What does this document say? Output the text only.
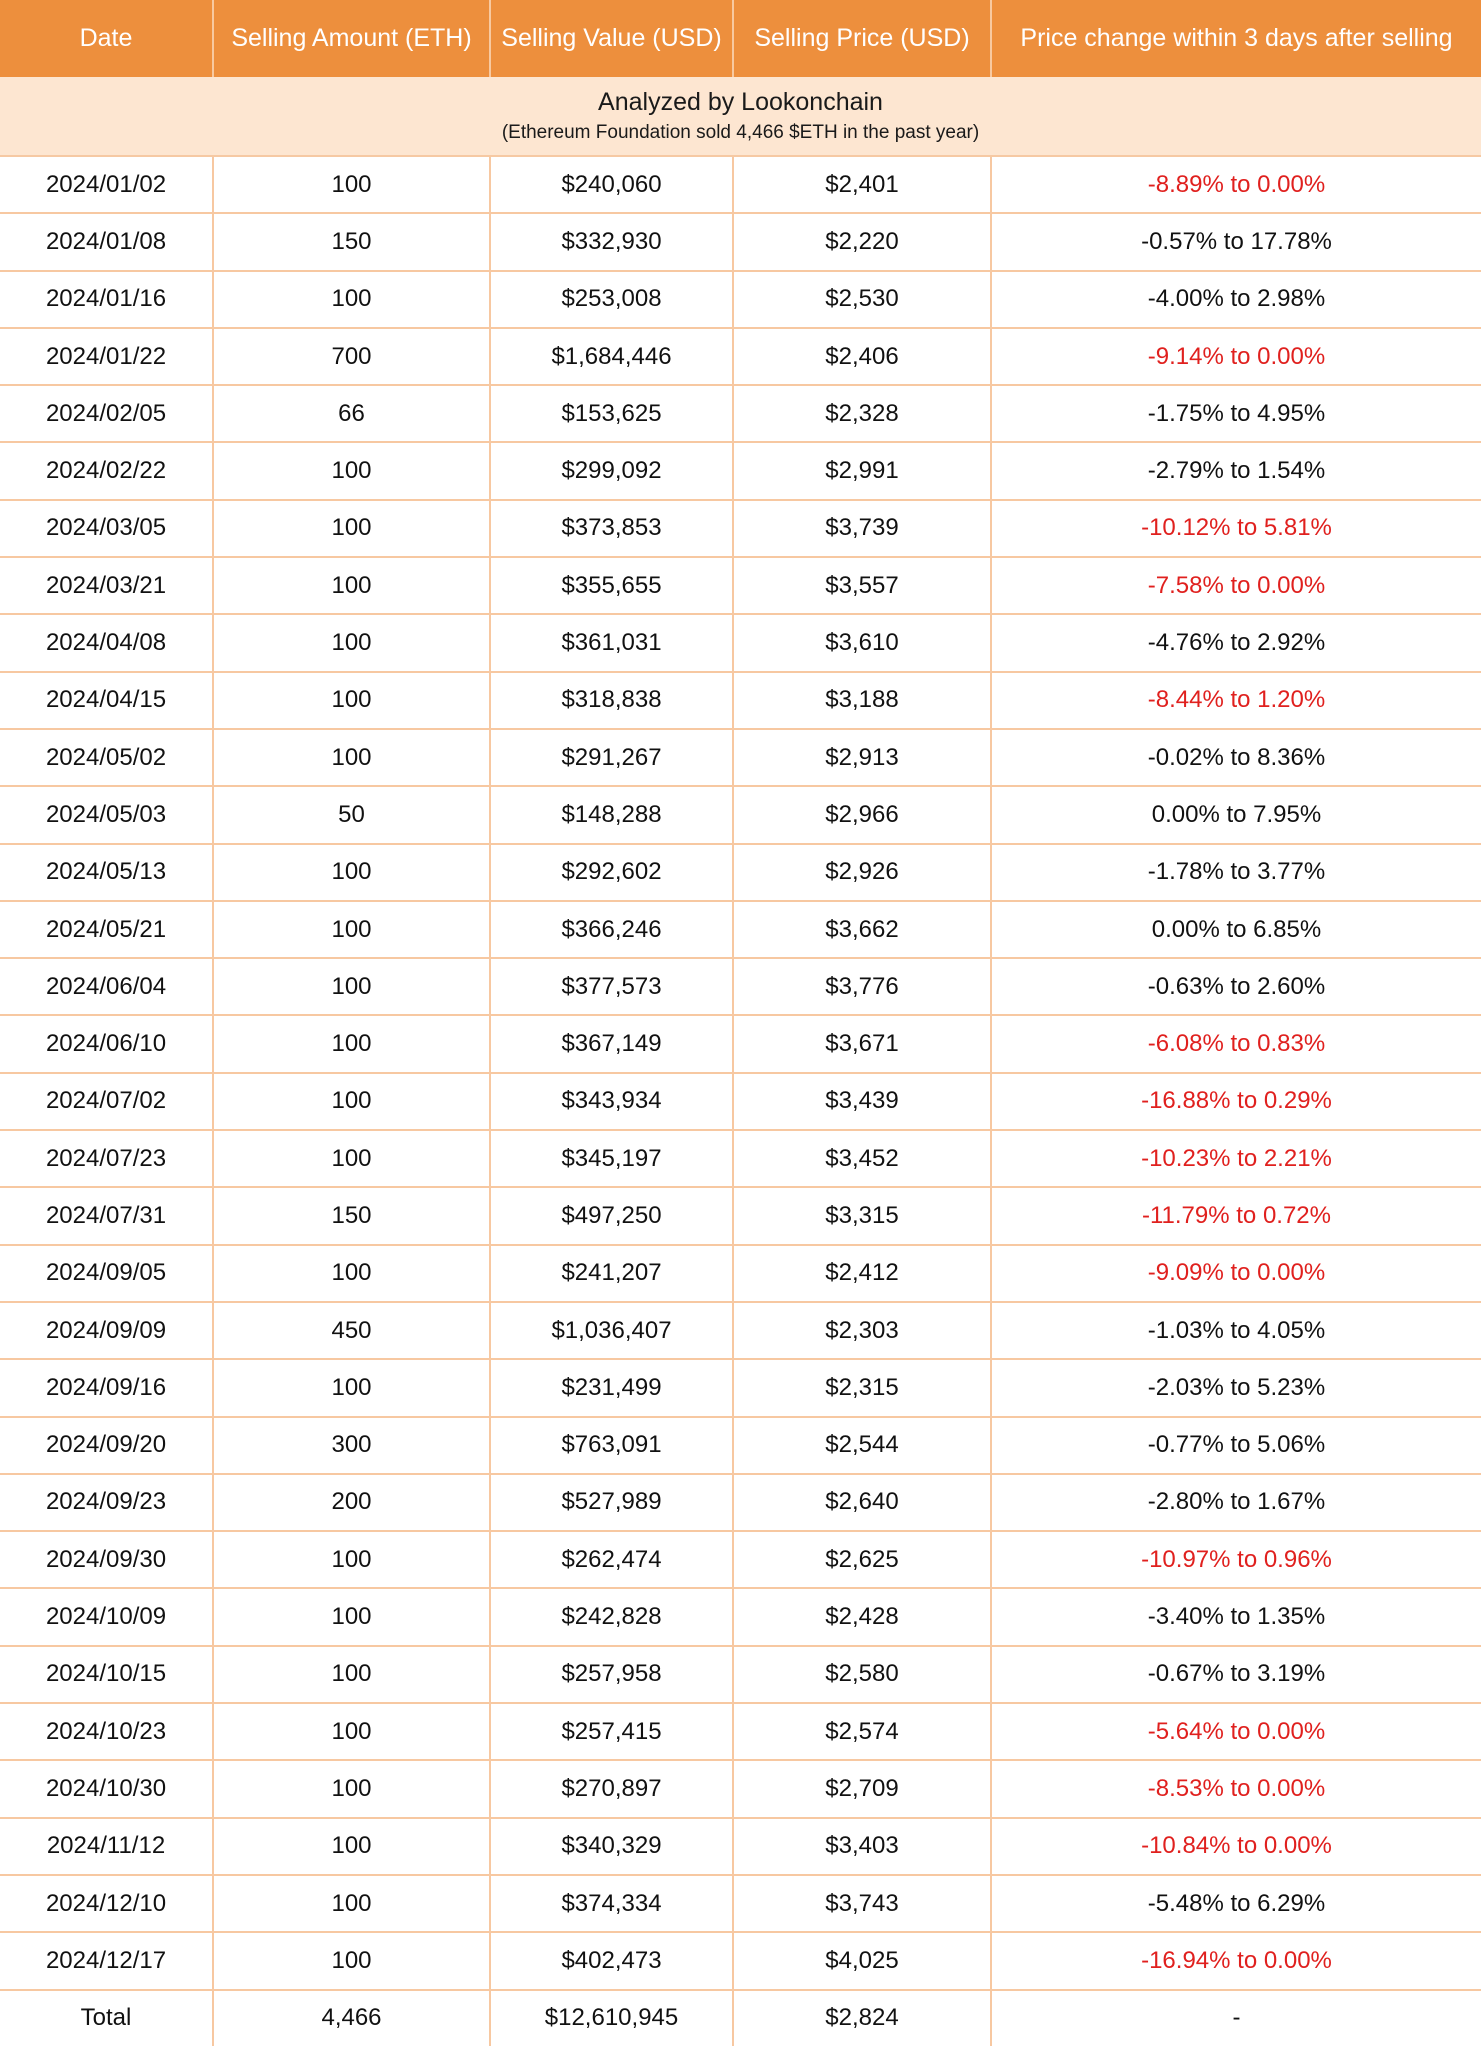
Date	Selling Amount (ETH)	Selling Value (USD)	Selling Price (USD)	Price change within 3 days after selling

Analyzed by Lookonchain
(Ethereum Foundation sold 4,466 $ETH in the past year)				

2024/01/02	100	$240,060	$2,401	-8.89% to 0.00%
2024/01/08	150	$332,930	$2,220	-0.57% to 17.78%
2024/01/16	100	$253,008	$2,530	-4.00% to 2.98%
2024/01/22	700	$1,684,446	$2,406	-9.14% to 0.00%
2024/02/05	66	$153,625	$2,328	-1.75% to 4.95%
2024/02/22	100	$299,092	$2,991	-2.79% to 1.54%
2024/03/05	100	$373,853	$3,739	-10.12% to 5.81%
2024/03/21	100	$355,655	$3,557	-7.58% to 0.00%
2024/04/08	100	$361,031	$3,610	-4.76% to 2.92%
2024/04/15	100	$318,838	$3,188	-8.44% to 1.20%
2024/05/02	100	$291,267	$2,913	-0.02% to 8.36%
2024/05/03	50	$148,288	$2,966	0.00% to 7.95%
2024/05/13	100	$292,602	$2,926	-1.78% to 3.77%
2024/05/21	100	$366,246	$3,662	0.00% to 6.85%
2024/06/04	100	$377,573	$3,776	-0.63% to 2.60%
2024/06/10	100	$367,149	$3,671	-6.08% to 0.83%
2024/07/02	100	$343,934	$3,439	-16.88% to 0.29%
2024/07/23	100	$345,197	$3,452	-10.23% to 2.21%
2024/07/31	150	$497,250	$3,315	-11.79% to 0.72%
2024/09/05	100	$241,207	$2,412	-9.09% to 0.00%
2024/09/09	450	$1,036,407	$2,303	-1.03% to 4.05%
2024/09/16	100	$231,499	$2,315	-2.03% to 5.23%
2024/09/20	300	$763,091	$2,544	-0.77% to 5.06%
2024/09/23	200	$527,989	$2,640	-2.80% to 1.67%
2024/09/30	100	$262,474	$2,625	-10.97% to 0.96%
2024/10/09	100	$242,828	$2,428	-3.40% to 1.35%
2024/10/15	100	$257,958	$2,580	-0.67% to 3.19%
2024/10/23	100	$257,415	$2,574	-5.64% to 0.00%
2024/10/30	100	$270,897	$2,709	-8.53% to 0.00%
2024/11/12	100	$340,329	$3,403	-10.84% to 0.00%
2024/12/10	100	$374,334	$3,743	-5.48% to 6.29%
2024/12/17	100	$402,473	$4,025	-16.94% to 0.00%
Total	4,466	$12,610,945	$2,824	-
